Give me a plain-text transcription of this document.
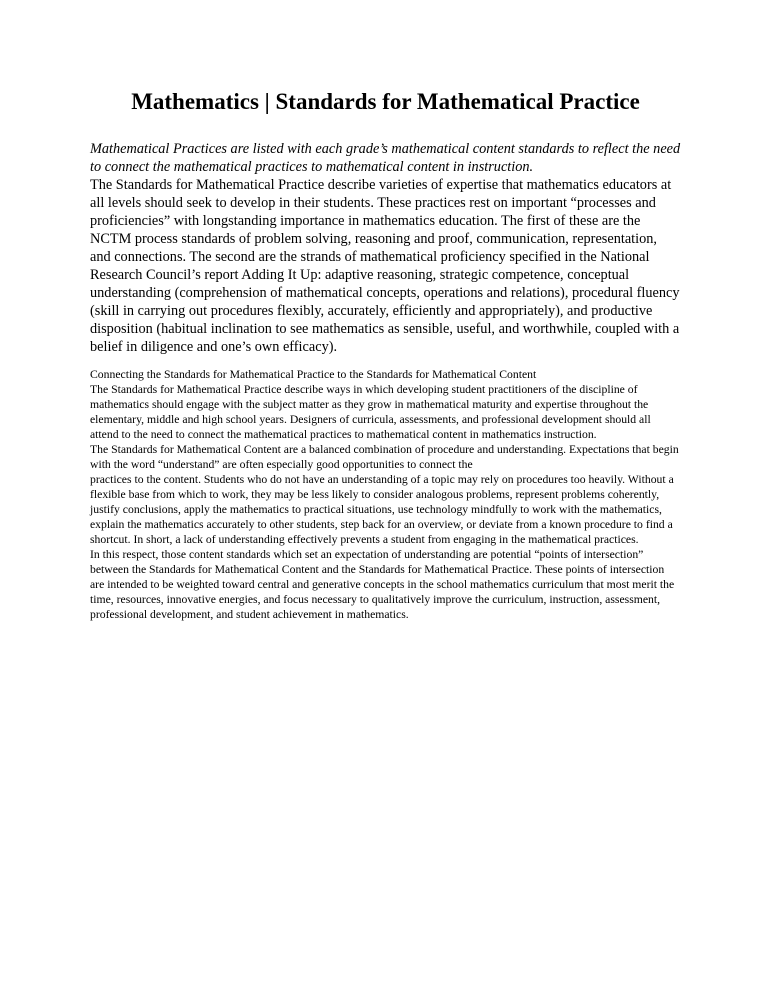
Mathematics | Standards for Mathematical Practice

Mathematical Practices are listed with each grade’s mathematical content standards to reflect the need to connect the mathematical practices to mathematical content in instruction.

The Standards for Mathematical Practice describe varieties of expertise that mathematics educators at all levels should seek to develop in their students. These practices rest on important “processes and proficiencies” with longstanding importance in mathematics education. The first of these are the NCTM process standards of problem solving, reasoning and proof, communication, representation, and connections. The second are the strands of mathematical proficiency specified in the National Research Council’s report Adding It Up: adaptive reasoning, strategic competence, conceptual understanding (comprehension of mathematical concepts, operations and relations), procedural fluency (skill in carrying out procedures flexibly, accurately, efficiently and appropriately), and productive disposition (habitual inclination to see mathematics as sensible, useful, and worthwhile, coupled with a belief in diligence and one’s own efficacy).

Connecting the Standards for Mathematical Practice to the Standards for Mathematical Content

The Standards for Mathematical Practice describe ways in which developing student practitioners of the discipline of mathematics should engage with the subject matter as they grow in mathematical maturity and expertise throughout the elementary, middle and high school years. Designers of curricula, assessments, and professional development should all attend to the need to connect the mathematical practices to mathematical content in mathematics instruction.

The Standards for Mathematical Content are a balanced combination of procedure and understanding. Expectations that begin with the word “understand” are often especially good opportunities to connect the

practices to the content. Students who do not have an understanding of a topic may rely on procedures too heavily. Without a flexible base from which to work, they may be less likely to consider analogous problems, represent problems coherently, justify conclusions, apply the mathematics to practical situations, use technology mindfully to work with the mathematics, explain the mathematics accurately to other students, step back for an overview, or deviate from a known procedure to find a shortcut. In short, a lack of understanding effectively prevents a student from engaging in the mathematical practices.

In this respect, those content standards which set an expectation of understanding are potential “points of intersection” between the Standards for Mathematical Content and the Standards for Mathematical Practice. These points of intersection are intended to be weighted toward central and generative concepts in the school mathematics curriculum that most merit the time, resources, innovative energies, and focus necessary to qualitatively improve the curriculum, instruction, assessment, professional development, and student achievement in mathematics.
